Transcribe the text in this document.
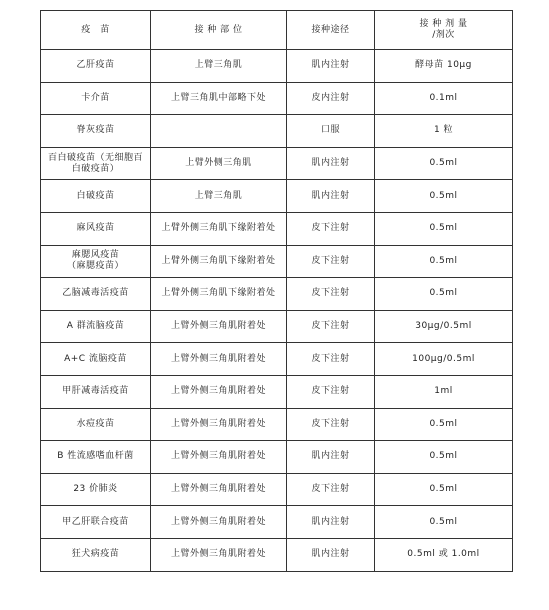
疫　苗	接 种 部 位	接种途径	接 种 剂 量
/剂次
乙肝疫苗	上臂三角肌	肌内注射	酵母苗 10μg
卡介苗	上臂三角肌中部略下处	皮内注射	0.1ml
脊灰疫苗		口服	1 粒
百白破疫苗（无细胞百白破疫苗）	上臂外侧三角肌	肌内注射	0.5ml
白破疫苗	上臂三角肌	肌内注射	0.5ml
麻风疫苗	上臂外侧三角肌下缘附着处	皮下注射	0.5ml
麻腮风疫苗
（麻腮疫苗）	上臂外侧三角肌下缘附着处	皮下注射	0.5ml
乙脑减毒活疫苗	上臂外侧三角肌下缘附着处	皮下注射	0.5ml
A 群流脑疫苗	上臂外侧三角肌附着处	皮下注射	30μg/0.5ml
A+C 流脑疫苗	上臂外侧三角肌附着处	皮下注射	100μg/0.5ml
甲肝减毒活疫苗	上臂外侧三角肌附着处	皮下注射	1ml
水痘疫苗	上臂外侧三角肌附着处	皮下注射	0.5ml
B 性流感嗜血杆菌	上臂外侧三角肌附着处	肌内注射	0.5ml
23 价肺炎	上臂外侧三角肌附着处	皮下注射	0.5ml
甲乙肝联合疫苗	上臂外侧三角肌附着处	肌内注射	0.5ml
狂犬病疫苗	上臂外侧三角肌附着处	肌内注射	0.5ml 或 1.0ml
